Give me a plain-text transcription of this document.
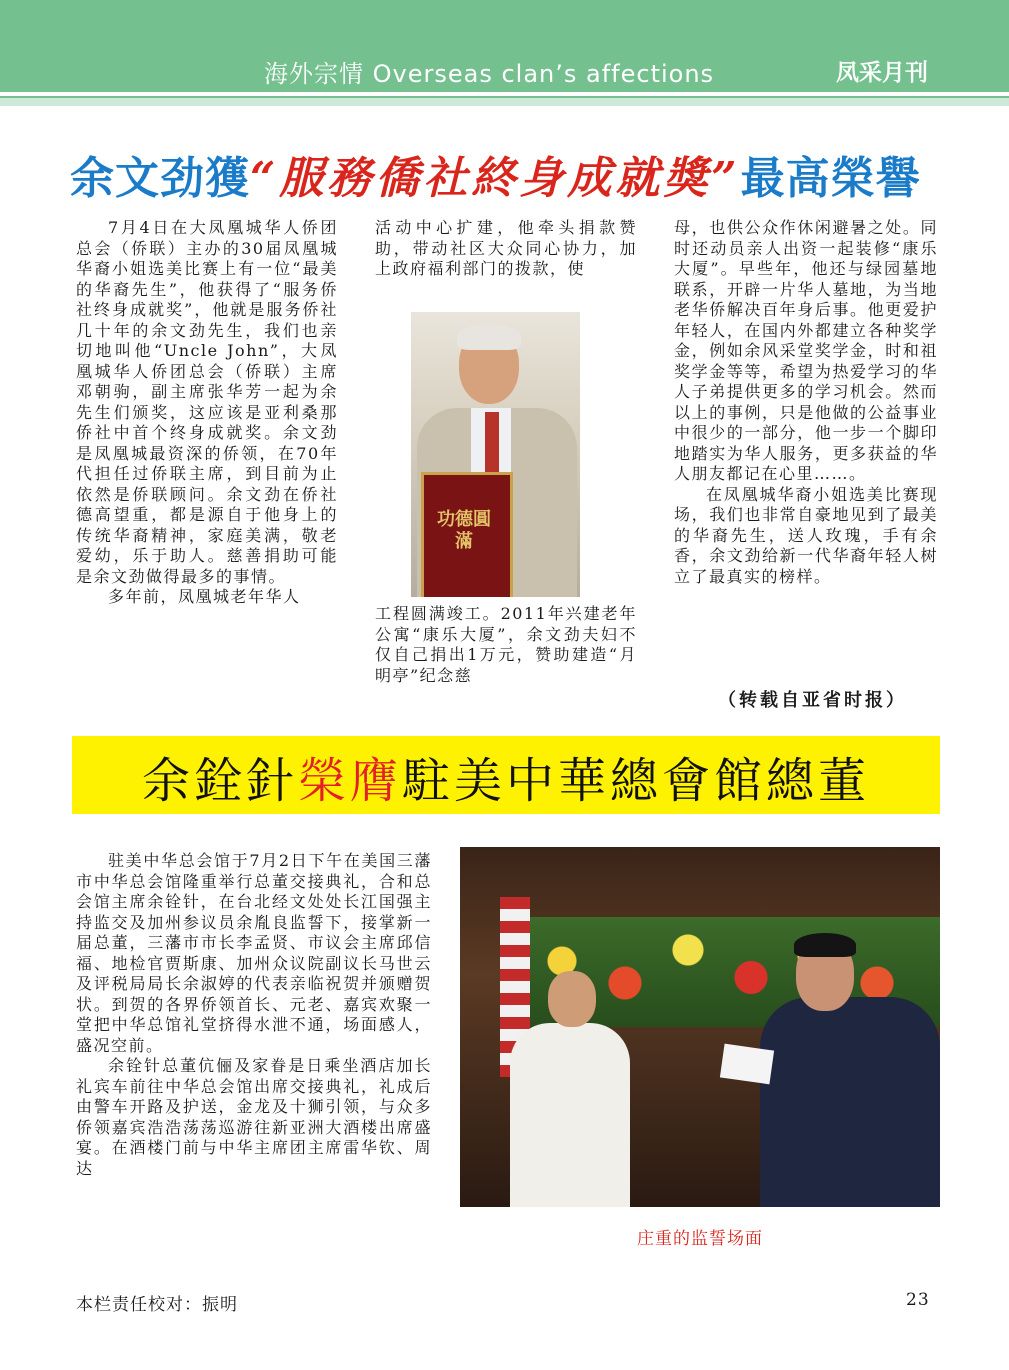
海外宗情 Overseas clan’s affections	凤采月刊
余文劲獲“服務僑社終身成就獎”最高榮譽

7月4日在大凤凰城华人侨团总会（侨联）主办的30届凤凰城华裔小姐选美比赛上有一位“最美的华裔先生”，他获得了“服务侨社终身成就奖”，他就是服务侨社几十年的余文劲先生，我们也亲切地叫他“Uncle John”，大凤凰城华人侨团总会（侨联）主席邓朝驹，副主席张华芳一起为余先生们颁奖，这应该是亚利桑那侨社中首个终身成就奖。余文劲是凤凰城最资深的侨领，在70年代担任过侨联主席，到目前为止依然是侨联顾问。余文劲在侨社德高望重，都是源自于他身上的传统华裔精神，家庭美满，敬老爱幼，乐于助人。慈善捐助可能是余文劲做得最多的事情。

多年前，凤凰城老年华人

活动中心扩建，他牵头捐款赞助，带动社区大众同心协力，加上政府福利部门的拨款，使

功德圓滿

工程圆满竣工。2011年兴建老年公寓“康乐大厦”，余文劲夫妇不仅自己捐出1万元，赞助建造“月明亭”纪念慈

母，也供公众作休闲避暑之处。同时还动员亲人出资一起装修“康乐大厦”。早些年，他还与绿园墓地联系，开辟一片华人墓地，为当地老华侨解决百年身后事。他更爱护年轻人，在国内外都建立各种奖学金，例如余风采堂奖学金，时和祖奖学金等等，希望为热爱学习的华人子弟提供更多的学习机会。然而以上的事例，只是他做的公益事业中很少的一部分，他一步一个脚印地踏实为华人服务，更多获益的华人朋友都记在心里……。

在凤凰城华裔小姐选美比赛现场，我们也非常自豪地见到了最美的华裔先生，送人玫瑰，手有余香，余文劲给新一代华裔年轻人树立了最真实的榜样。

（转载自亚省时报）
余銓針榮膺駐美中華總會館總董

驻美中华总会馆于7月2日下午在美国三藩市中华总会馆隆重举行总董交接典礼，合和总会馆主席余铨针，在台北经文处处长江国强主持监交及加州参议员余胤良监誓下，接掌新一届总董，三藩市市长李孟贤、市议会主席邱信福、地检官贾斯康、加州众议院副议长马世云及评税局局长余淑婷的代表亲临祝贺并颁赠贺状。到贺的各界侨领首长、元老、嘉宾欢聚一堂把中华总馆礼堂挤得水泄不通，场面感人，盛况空前。

余铨针总董伉俪及家眷是日乘坐酒店加长礼宾车前往中华总会馆出席交接典礼，礼成后由警车开路及护送，金龙及十狮引领，与众多侨领嘉宾浩浩荡荡巡游往新亚洲大酒楼出席盛宴。在酒楼门前与中华主席团主席雷华钦、周达

庄重的监誓场面
本栏责任校对：振明	23
